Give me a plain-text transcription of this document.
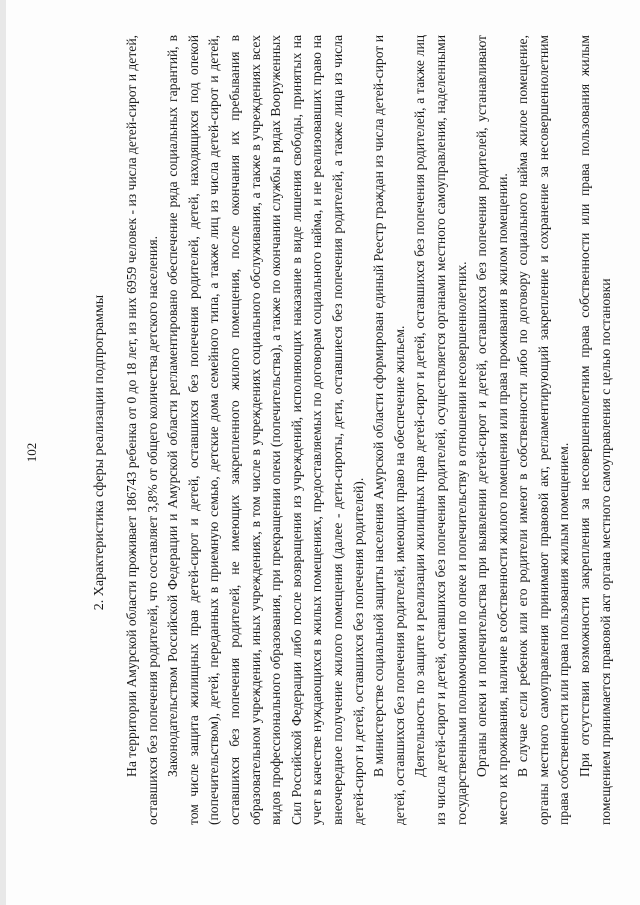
102	2. Характеристика сферы реализации подпрограммы На территории Амурской области проживает 186743 ребенка от 0 до 18 лет, из них 6959 человек - из числа детей-сирот и детей, оставшихся без попечения родителей, что составляет 3,8% от общего количества детского населения. Законодательством Российской Федерации и Амурской области регламентировано обеспечение ряда социальных гарантий, в том числе защита жилищных прав детей-сирот и детей, оставшихся без попечения родителей, детей, находящихся под опекой (попечительством), детей, переданных в приемную семью, детские дома семейного типа, а также лиц из числа детей-сирот и детей, оставшихся без попечения родителей, не имеющих закрепленного жилого помещения, после окончания их пребывания в образовательном учреждении, иных учреждениях, в том числе в учреждениях социального обслуживания, а также в учреждениях всех видов профессионального образования, при прекращении опеки (попечительства), а также по окончании службы в рядах Вооруженных Сил Российской Федерации либо после возвращения из учреждений, исполняющих наказание в виде лишения свободы, принятых на учет в качестве нуждающихся в жилых помещениях, предоставляемых по договорам социального найма, и не реализовавших право на внеочередное получение жилого помещения (далее - дети-сироты, дети, оставшиеся без попечения родителей, а также лица из числа детей-сирот и детей, оставшихся без попечения родителей). В министерстве социальной защиты населения Амурской области сформирован единый Реестр граждан из числа детей-сирот и детей, оставшихся без попечения родителей, имеющих право на обеспечение жильем. Деятельность по защите и реализации жилищных прав детей-сирот и детей, оставшихся без попечения родителей, а также лиц из числа детей-сирот и детей, оставшихся без попечения родителей, осуществляется органами местного самоуправления, наделенными государственными полномочиями по опеке и попечительству в отношении несовершеннолетних. Органы опеки и попечительства при выявлении детей-сирот и детей, оставшихся без попечения родителей, устанавливают место их проживания, наличие в собственности жилого помещения или права проживания в жилом помещении. В случае если ребенок или его родители имеют в собственности либо по договору социального найма жилое помещение, органы местного самоуправления принимают правовой акт, регламентирующий закрепление и сохранение за несовершеннолетним права собственности или права пользования жилым помещением. При отсутствии возможности закрепления за несовершеннолетним права собственности или права пользования жилым помещением принимается правовой акт органа местного самоуправления с целью постановки
